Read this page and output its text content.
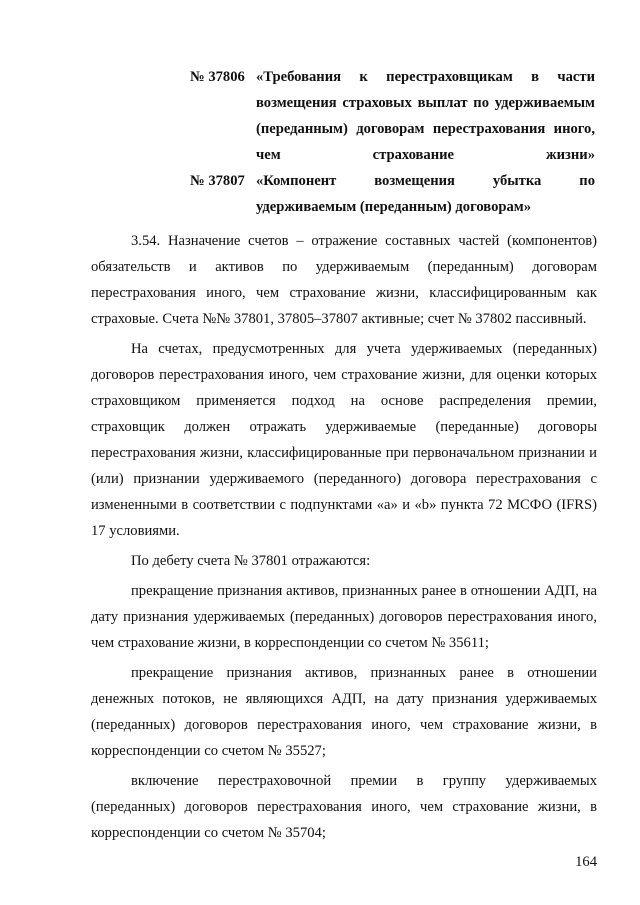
№ 37806 «Требования к перестраховщикам в части возмещения страховых выплат по удерживаемым (переданным) договорам перестрахования иного, чем страхование жизни»
№ 37807 «Компонент возмещения убытка по удерживаемым (переданным) договорам»

3.54. Назначение счетов – отражение составных частей (компонентов) обязательств и активов по удерживаемым (переданным) договорам перестрахования иного, чем страхование жизни, классифицированным как страховые. Счета №№ 37801, 37805–37807 активные; счет № 37802 пассивный.

На счетах, предусмотренных для учета удерживаемых (переданных) договоров перестрахования иного, чем страхование жизни, для оценки которых страховщиком применяется подход на основе распределения премии, страховщик должен отражать удерживаемые (переданные) договоры перестрахования жизни, классифицированные при первоначальном признании и (или) признании удерживаемого (переданного) договора перестрахования с измененными в соответствии с подпунктами «а» и «b» пункта 72 МСФО (IFRS) 17 условиями.

По дебету счета № 37801 отражаются:

прекращение признания активов, признанных ранее в отношении АДП, на дату признания удерживаемых (переданных) договоров перестрахования иного, чем страхование жизни, в корреспонденции со счетом № 35611;

прекращение признания активов, признанных ранее в отношении денежных потоков, не являющихся АДП, на дату признания удерживаемых (переданных) договоров перестрахования иного, чем страхование жизни, в корреспонденции со счетом № 35527;

включение перестраховочной премии в группу удерживаемых (переданных) договоров перестрахования иного, чем страхование жизни, в корреспонденции со счетом № 35704;

164
